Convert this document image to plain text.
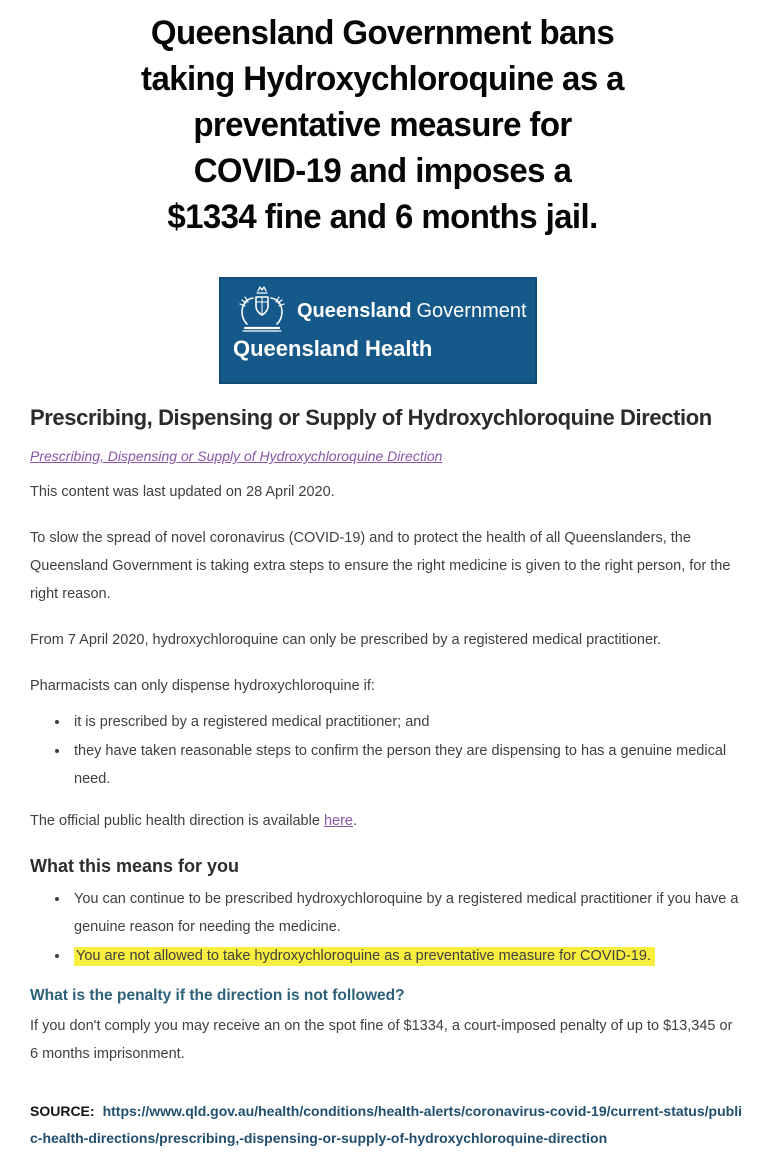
Queensland Government bans
taking Hydroxychloroquine as a
preventative measure for
COVID-19 and imposes a
$1334 fine and 6 months jail.
Queensland Government
Queensland Health
Prescribing, Dispensing or Supply of Hydroxychloroquine Direction
Prescribing, Dispensing or Supply of Hydroxychloroquine Direction

This content was last updated on 28 April 2020.

To slow the spread of novel coronavirus (COVID-19) and to protect the health of all Queenslanders, the Queensland Government is taking extra steps to ensure the right medicine is given to the right person, for the right reason.

From 7 April 2020, hydroxychloroquine can only be prescribed by a registered medical practitioner.

Pharmacists can only dispense hydroxychloroquine if:

• it is prescribed by a registered medical practitioner; and
• they have taken reasonable steps to confirm the person they are dispensing to has a genuine medical need.

The official public health direction is available here.

What this means for you
• You can continue to be prescribed hydroxychloroquine by a registered medical practitioner if you have a genuine reason for needing the medicine.
• You are not allowed to take hydroxychloroquine as a preventative measure for COVID-19.
What is the penalty if the direction is not followed?

If you don't comply you may receive an on the spot fine of $1334, a court-imposed penalty of up to $13,345 or 6 months imprisonment.

SOURCE: https://www.qld.gov.au/health/conditions/health-alerts/coronavirus-covid-19/current-status/public-health-directions/prescribing,-dispensing-or-supply-of-hydroxychloroquine-direction
